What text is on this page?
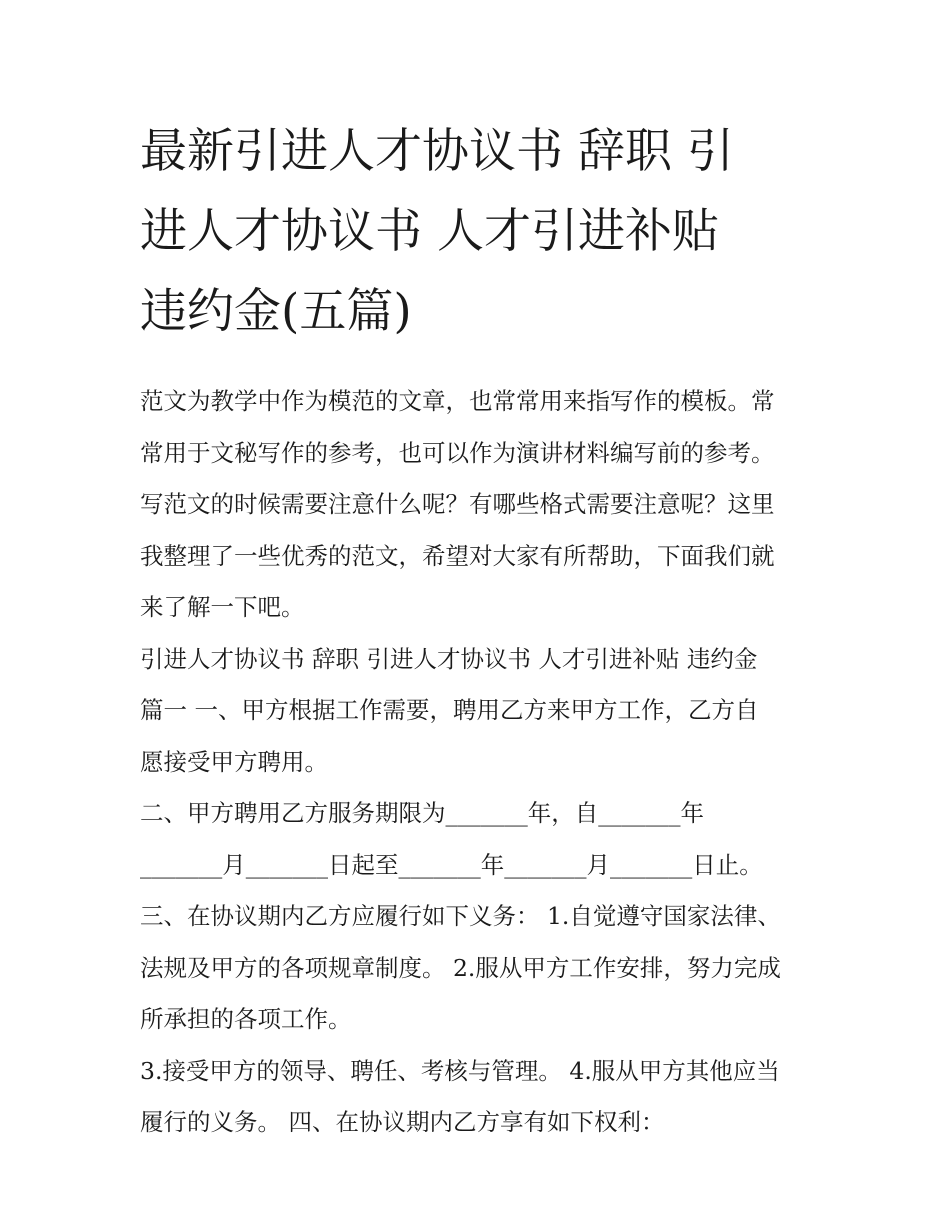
最新引进人才协议书 辞职 引
进人才协议书 人才引进补贴
违约金(五篇)
范文为教学中作为模范的文章，也常常用来指写作的模板。常
常用于文秘写作的参考，也可以作为演讲材料编写前的参考。
写范文的时候需要注意什么呢？有哪些格式需要注意呢？这里
我整理了一些优秀的范文，希望对大家有所帮助，下面我们就
来了解一下吧。
引进人才协议书 辞职 引进人才协议书 人才引进补贴 违约金
篇一 一、甲方根据工作需要，聘用乙方来甲方工作，乙方自
愿接受甲方聘用。
二、甲方聘用乙方服务期限为_______年，自_______年
_______月_______日起至_______年_______月_______日止。
三、在协议期内乙方应履行如下义务： 1.自觉遵守国家法律、
法规及甲方的各项规章制度。 2.服从甲方工作安排，努力完成
所承担的各项工作。
3.接受甲方的领导、聘任、考核与管理。 4.服从甲方其他应当
履行的义务。 四、在协议期内乙方享有如下权利：
